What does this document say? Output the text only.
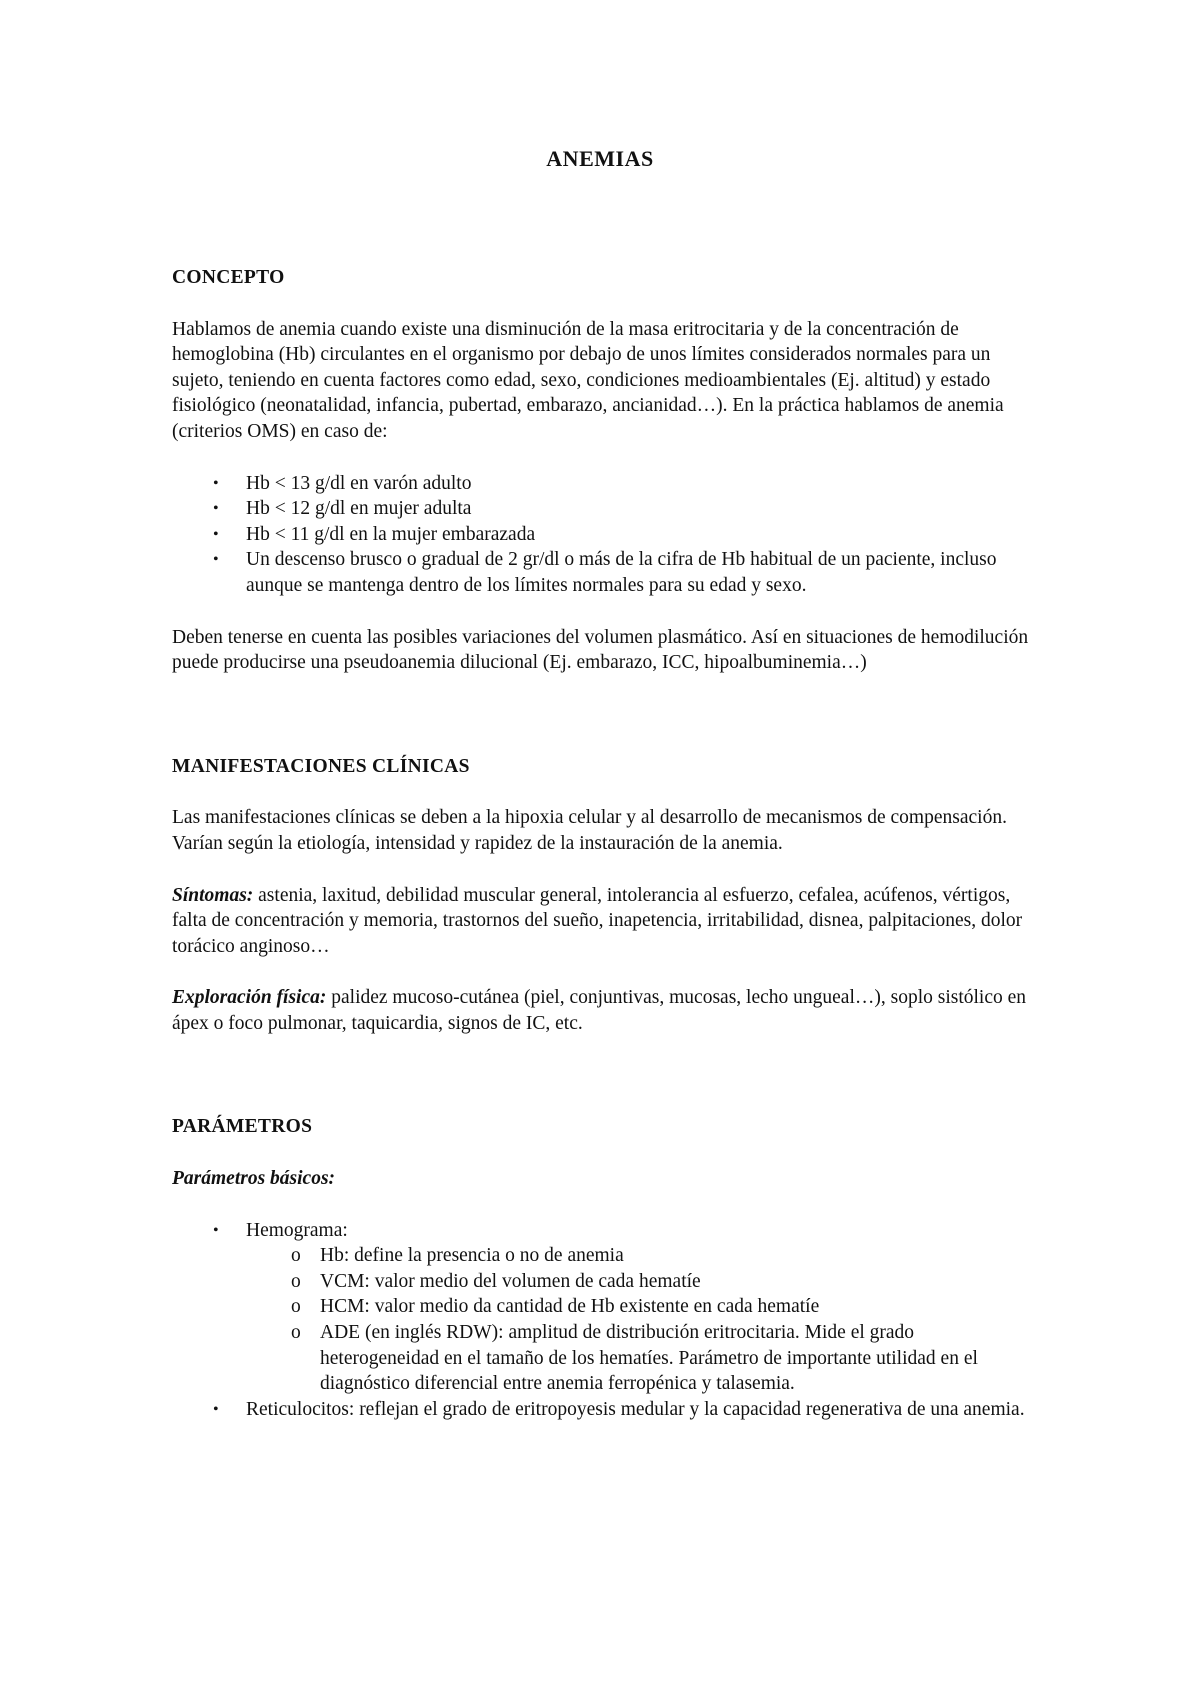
ANEMIAS
CONCEPTO

Hablamos de anemia cuando existe una disminución de la masa eritrocitaria y de la concentración de hemoglobina (Hb) circulantes en el organismo por debajo de unos límites considerados normales para un sujeto, teniendo en cuenta factores como edad, sexo, condiciones medioambientales (Ej. altitud) y estado fisiológico (neonatalidad, infancia, pubertad, embarazo, ancianidad…). En la práctica hablamos de anemia (criterios OMS) en caso de:

• Hb < 13 g/dl en varón adulto
• Hb < 12 g/dl en mujer adulta
• Hb < 11 g/dl en la mujer embarazada
• Un descenso brusco o gradual de 2 gr/dl o más de la cifra de Hb habitual de un paciente, incluso aunque se mantenga dentro de los límites normales para su edad y sexo.

Deben tenerse en cuenta las posibles variaciones del volumen plasmático. Así en situaciones de hemodilución puede producirse una pseudoanemia dilucional (Ej. embarazo, ICC, hipoalbuminemia…)

MANIFESTACIONES CLÍNICAS

Las manifestaciones clínicas se deben a la hipoxia celular y al desarrollo de mecanismos de compensación. Varían según la etiología, intensidad y rapidez de la instauración de la anemia.

Síntomas: astenia, laxitud, debilidad muscular general, intolerancia al esfuerzo, cefalea, acúfenos, vértigos, falta de concentración y memoria, trastornos del sueño, inapetencia, irritabilidad, disnea, palpitaciones, dolor torácico anginoso…

Exploración física: palidez mucoso-cutánea (piel, conjuntivas, mucosas, lecho ungueal…), soplo sistólico en ápex o foco pulmonar, taquicardia, signos de IC, etc.

PARÁMETROS

Parámetros básicos:

• Hemograma:
o Hb: define la presencia o no de anemia
o VCM: valor medio del volumen de cada hematíe
o HCM: valor medio da cantidad de Hb existente en cada hematíe
o ADE (en inglés RDW): amplitud de distribución eritrocitaria. Mide el grado heterogeneidad en el tamaño de los hematíes. Parámetro de importante utilidad en el diagnóstico diferencial entre anemia ferropénica y talasemia.
• Reticulocitos: reflejan el grado de eritropoyesis medular y la capacidad regenerativa de una anemia.
